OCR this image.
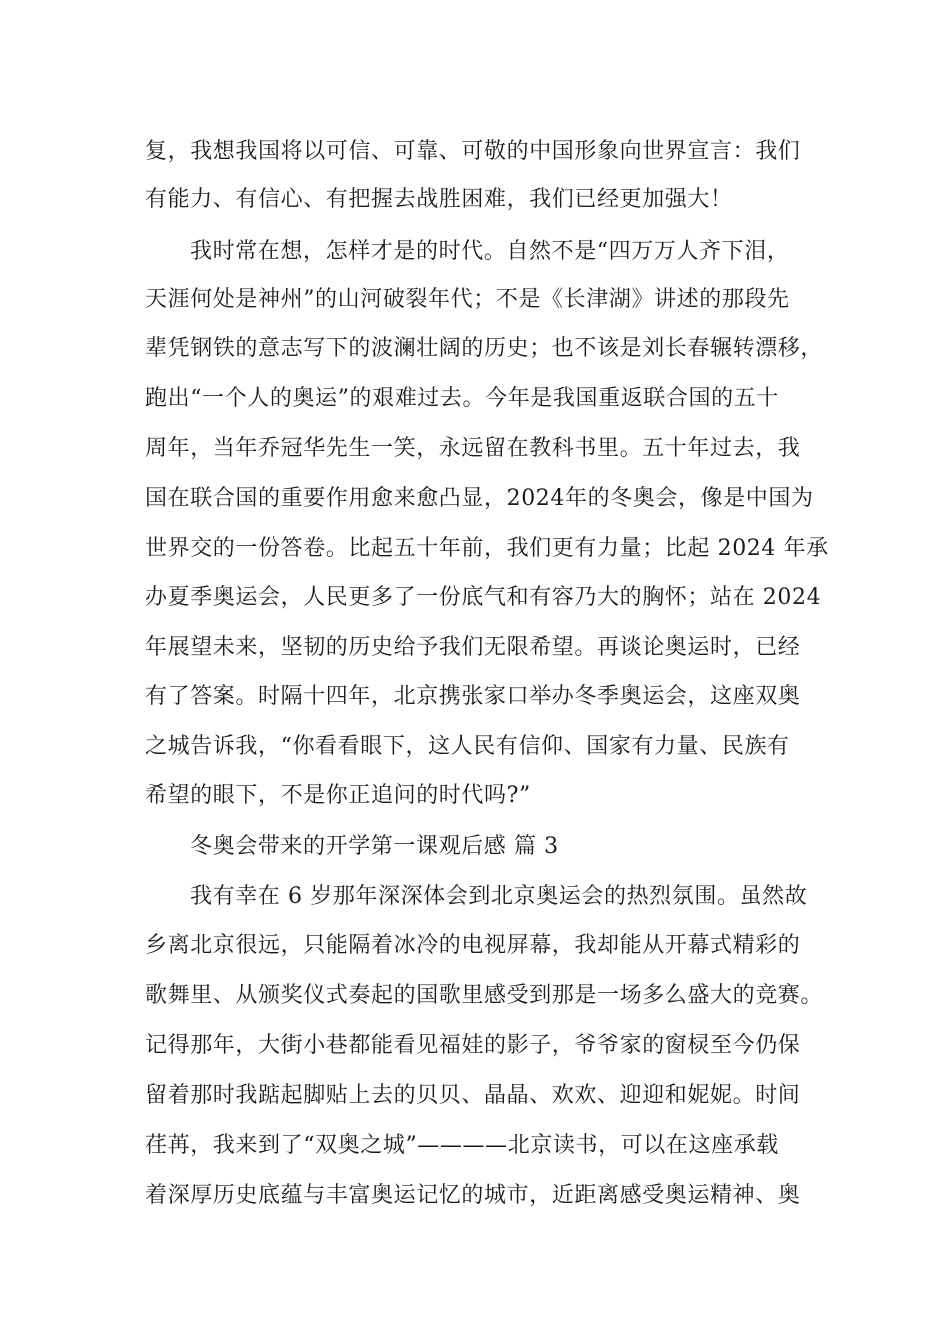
复，我想我国将以可信、可靠、可敬的中国形象向世界宣言：我们
有能力、有信心、有把握去战胜困难，我们已经更加强大！
我时常在想，怎样才是的时代。自然不是“四万万人齐下泪，
天涯何处是神州”的山河破裂年代；不是《长津湖》讲述的那段先
辈凭钢铁的意志写下的波澜壮阔的历史；也不该是刘长春辗转漂移，
跑出“一个人的奥运”的艰难过去。今年是我国重返联合国的五十
周年，当年乔冠华先生一笑，永远留在教科书里。五十年过去，我
国在联合国的重要作用愈来愈凸显，2024年的冬奥会，像是中国为
世界交的一份答卷。比起五十年前，我们更有力量；比起 2024 年承
办夏季奥运会，人民更多了一份底气和有容乃大的胸怀；站在 2024
年展望未来，坚韧的历史给予我们无限希望。再谈论奥运时，已经
有了答案。时隔十四年，北京携张家口举办冬季奥运会，这座双奥
之城告诉我，“你看看眼下，这人民有信仰、国家有力量、民族有
希望的眼下，不是你正追问的时代吗?”
冬奥会带来的开学第一课观后感 篇 3
我有幸在 6 岁那年深深体会到北京奥运会的热烈氛围。虽然故
乡离北京很远，只能隔着冰冷的电视屏幕，我却能从开幕式精彩的
歌舞里、从颁奖仪式奏起的国歌里感受到那是一场多么盛大的竞赛。
记得那年，大街小巷都能看见福娃的影子，爷爷家的窗棂至今仍保
留着那时我踮起脚贴上去的贝贝、晶晶、欢欢、迎迎和妮妮。时间
荏苒，我来到了“双奥之城”————北京读书，可以在这座承载
着深厚历史底蕴与丰富奥运记忆的城市，近距离感受奥运精神、奥
